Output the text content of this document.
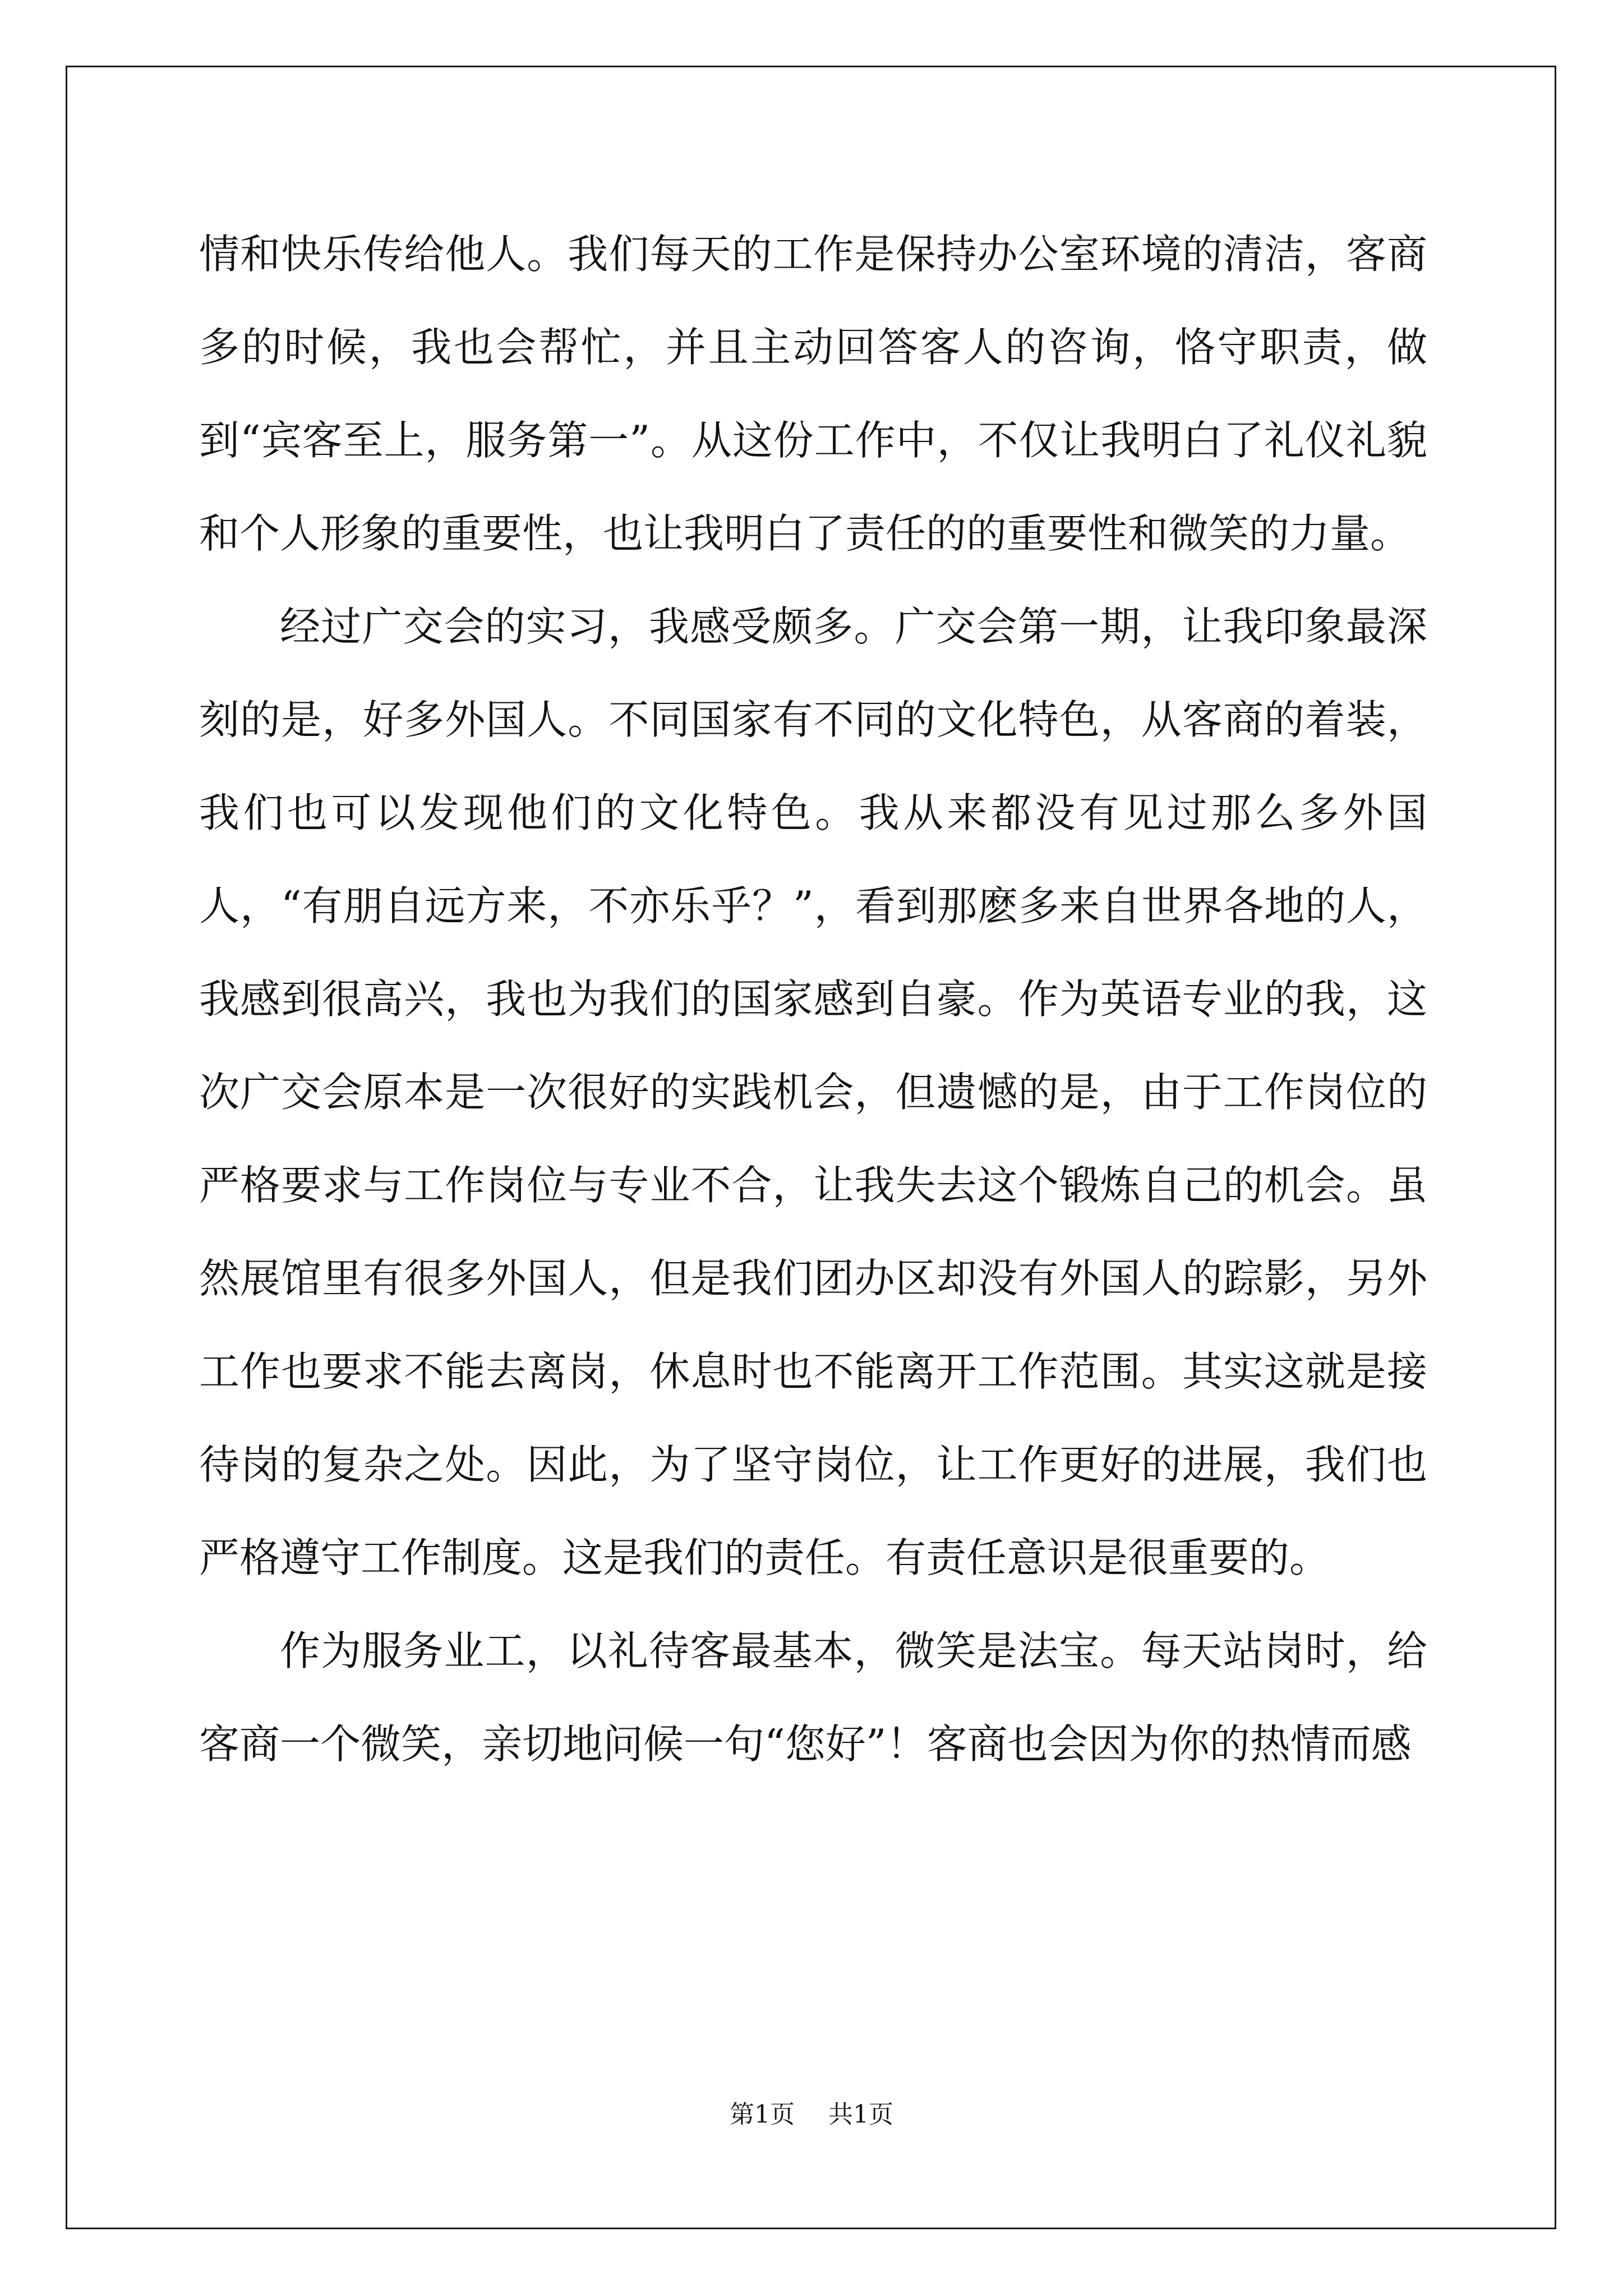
情和快乐传给他人。我们每天的工作是保持办公室环境的清洁，客商多的时候，我也会帮忙，并且主动回答客人的咨询，恪守职责，做到“宾客至上，服务第一”。从这份工作中，不仅让我明白了礼仪礼貌和个人形象的重要性，也让我明白了责任的的重要性和微笑的力量。

经过广交会的实习，我感受颇多。广交会第一期，让我印象最深刻的是，好多外国人。不同国家有不同的文化特色，从客商的着装，我们也可以发现他们的文化特色。我从来都没有见过那么多外国人，“有朋自远方来，不亦乐乎？”，看到那麽多来自世界各地的人，我感到很高兴，我也为我们的国家感到自豪。作为英语专业的我，这次广交会原本是一次很好的实践机会，但遗憾的是，由于工作岗位的严格要求与工作岗位与专业不合，让我失去这个锻炼自己的机会。虽然展馆里有很多外国人，但是我们团办区却没有外国人的踪影，另外工作也要求不能去离岗，休息时也不能离开工作范围。其实这就是接待岗的复杂之处。因此，为了坚守岗位，让工作更好的进展，我们也严格遵守工作制度。这是我们的责任。有责任意识是很重要的。

作为服务业工，以礼待客最基本，微笑是法宝。每天站岗时，给客商一个微笑，亲切地问候一句“您好”！客商也会因为你的热情而感

第1页 共1页
